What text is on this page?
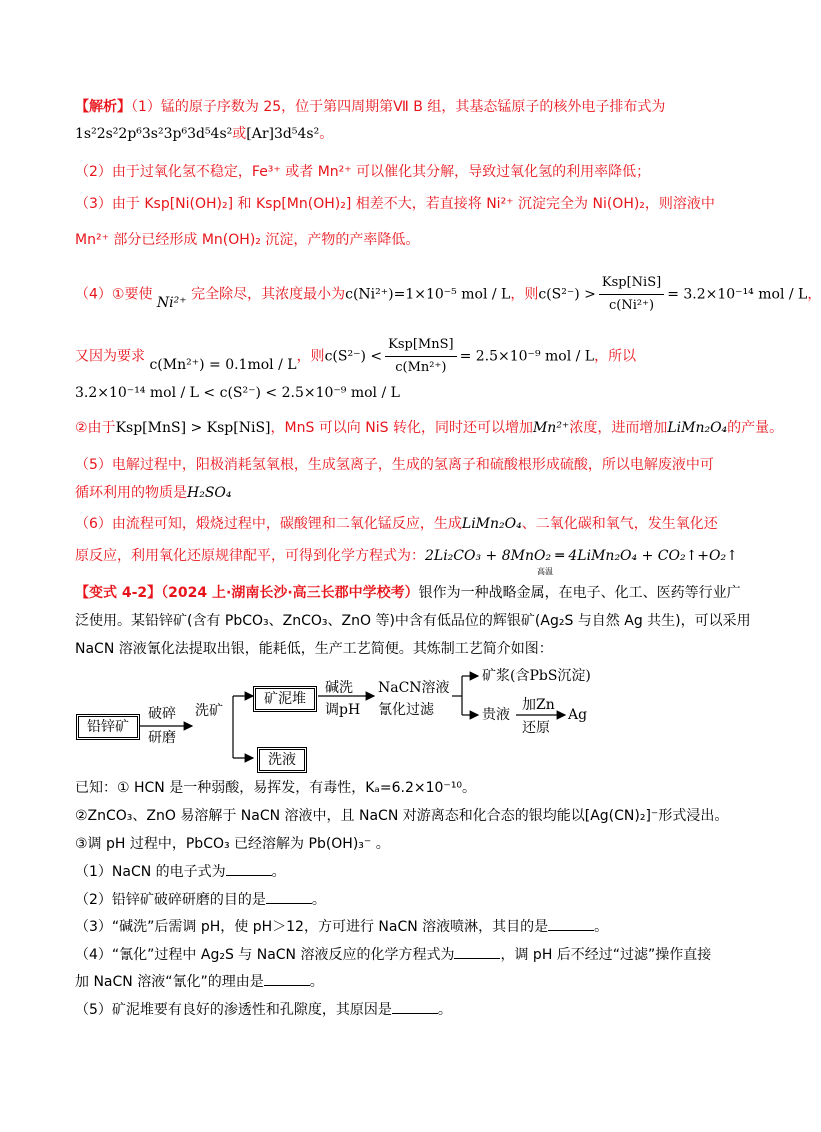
【解析】（1）锰的原子序数为 25，位于第四周期第Ⅶ B 组，其基态锰原子的核外电子排布式为
1s²2s²2p⁶3s²3p⁶3d⁵4s²或[Ar]3d⁵4s²。
（2）由于过氧化氢不稳定，Fe³⁺ 或者 Mn²⁺ 可以催化其分解，导致过氧化氢的利用率降低；
（3）由于 Ksp[Ni(OH)₂] 和 Ksp[Mn(OH)₂] 相差不大，若直接将 Ni²⁺ 沉淀完全为 Ni(OH)₂，则溶液中
Mn²⁺ 部分已经形成 Mn(OH)₂ 沉淀，产物的产率降低。
（4）①要使 Ni²⁺ 完全除尽，其浓度最小为c(Ni²⁺)=1×10⁻⁵ mol / L，则$c(S^{2-}) > \frac{\text{Ksp[NiS]}}{\text{c(Ni²⁺)}} = 3.2\times 10^{-14}$ mol / L，
又因为要求 c(Mn²⁺) = 0.1mol / L，则$c(S^{2-}) < \frac{\text{Ksp[MnS]}}{\text{c(Mn²⁺)}} = 2.5\times 10^{-9}$ mol / L，所以
3.2×10⁻¹⁴ mol / L < c(S²⁻) < 2.5×10⁻⁹ mol / L
②由于Ksp[MnS] > Ksp[NiS]，MnS 可以向 NiS 转化，同时还可以增加Mn²⁺浓度，进而增加LiMn₂O₄的产量。
（5）电解过程中，阳极消耗氢氧根，生成氢离子，生成的氢离子和硫酸根形成硫酸，所以电解废液中可
循环利用的物质是H₂SO₄
（6）由流程可知，煅烧过程中，碳酸锂和二氧化锰反应，生成LiMn₂O₄、二氧化碳和氧气，发生氧化还
原反应，利用氧化还原规律配平，可得到化学方程式为：2Li₂CO₃ + 8MnO₂ ═ 4LiMn₂O₄ + CO₂↑+O₂↑
高温
【变式 4-2】（2024 上·湖南长沙·高三长郡中学校考）银作为一种战略金属，在电子、化工、医药等行业广
泛使用。某铅锌矿(含有 PbCO₃、ZnCO₃、ZnO 等)中含有低品位的辉银矿(Ag₂S 与自然 Ag 共生)，可以采用
NaCN 溶液氰化法提取出银，能耗低，生产工艺简便。其炼制工艺简介如图：
铅锌矿
破碎
研磨
洗矿
矿泥堆
洗液
碱洗
调pH
NaCN溶液
氰化过滤
矿浆(含PbS沉淀)
贵液
加Zn
还原
Ag
已知：① HCN 是一种弱酸，易挥发，有毒性，Kₐ=6.2×10⁻¹⁰。
②ZnCO₃、ZnO 易溶解于 NaCN 溶液中，且 NaCN 对游离态和化合态的银均能以[Ag(CN)₂]⁻形式浸出。
③调 pH 过程中，PbCO₃ 已经溶解为 Pb(OH)₃⁻ 。
（1）NaCN 的电子式为	。
（2）铅锌矿破碎研磨的目的是	。
（3）“碱洗”后需调 pH，使 pH＞12，方可进行 NaCN 溶液喷淋，其目的是	。
（4）“氰化”过程中 Ag₂S 与 NaCN 溶液反应的化学方程式为	，调 pH 后不经过“过滤”操作直接
加 NaCN 溶液“氰化”的理由是	。
（5）矿泥堆要有良好的渗透性和孔隙度，其原因是	。
